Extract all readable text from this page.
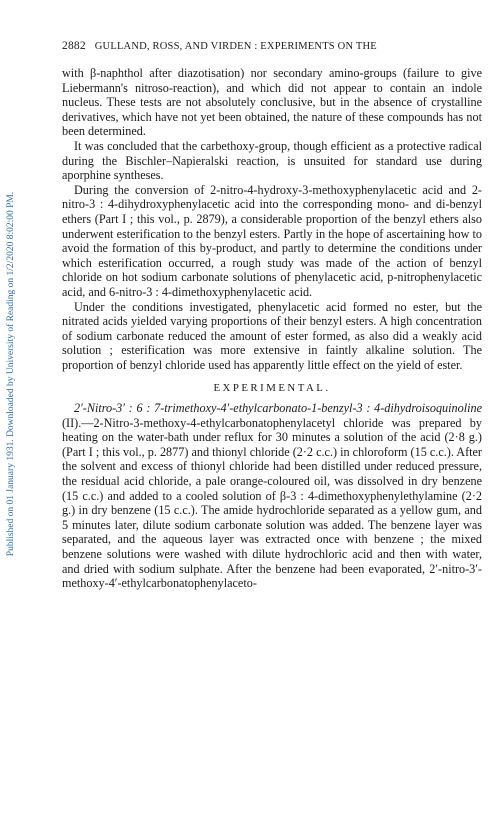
2882 GULLAND, ROSS, AND VIRDEN : EXPERIMENTS ON THE
Published on 01 January 1931. Downloaded by University of Reading on 1/2/2020 8:02:00 PM.

with β-naphthol after diazotisation) nor secondary amino-groups (failure to give Liebermann's nitroso-reaction), and which did not appear to contain an indole nucleus. These tests are not absolutely conclusive, but in the absence of crystalline derivatives, which have not yet been obtained, the nature of these compounds has not been determined.

It was concluded that the carbethoxy-group, though efficient as a protective radical during the Bischler–Napieralski reaction, is unsuited for standard use during aporphine syntheses.

During the conversion of 2-nitro-4-hydroxy-3-methoxyphenylacetic acid and 2-nitro-3 : 4-dihydroxyphenylacetic acid into the corresponding mono- and di-benzyl ethers (Part I ; this vol., p. 2879), a considerable proportion of the benzyl ethers also underwent esterification to the benzyl esters. Partly in the hope of ascertaining how to avoid the formation of this by-product, and partly to determine the conditions under which esterification occurred, a rough study was made of the action of benzyl chloride on hot sodium carbonate solutions of phenylacetic acid, p-nitrophenylacetic acid, and 6-nitro-3 : 4-dimethoxyphenylacetic acid.

Under the conditions investigated, phenylacetic acid formed no ester, but the nitrated acids yielded varying proportions of their benzyl esters. A high concentration of sodium carbonate reduced the amount of ester formed, as also did a weakly acid solution ; esterification was more extensive in faintly alkaline solution. The proportion of benzyl chloride used has apparently little effect on the yield of ester.

EXPERIMENTAL.

2′-Nitro-3′ : 6 : 7-trimethoxy-4′-ethylcarbonato-1-benzyl-3 : 4-dihydroisoquinoline (II).—2-Nitro-3-methoxy-4-ethylcarbonatophenylacetyl chloride was prepared by heating on the water-bath under reflux for 30 minutes a solution of the acid (2·8 g.) (Part I ; this vol., p. 2877) and thionyl chloride (2·2 c.c.) in chloroform (15 c.c.). After the solvent and excess of thionyl chloride had been distilled under reduced pressure, the residual acid chloride, a pale orange-coloured oil, was dissolved in dry benzene (15 c.c.) and added to a cooled solution of β-3 : 4-dimethoxyphenylethylamine (2·2 g.) in dry benzene (15 c.c.). The amide hydrochloride separated as a yellow gum, and 5 minutes later, dilute sodium carbonate solution was added. The benzene layer was separated, and the aqueous layer was extracted once with benzene ; the mixed benzene solutions were washed with dilute hydrochloric acid and then with water, and dried with sodium sulphate. After the benzene had been evaporated, 2′-nitro-3′-methoxy-4′-ethylcarbonatophenylaceto-
